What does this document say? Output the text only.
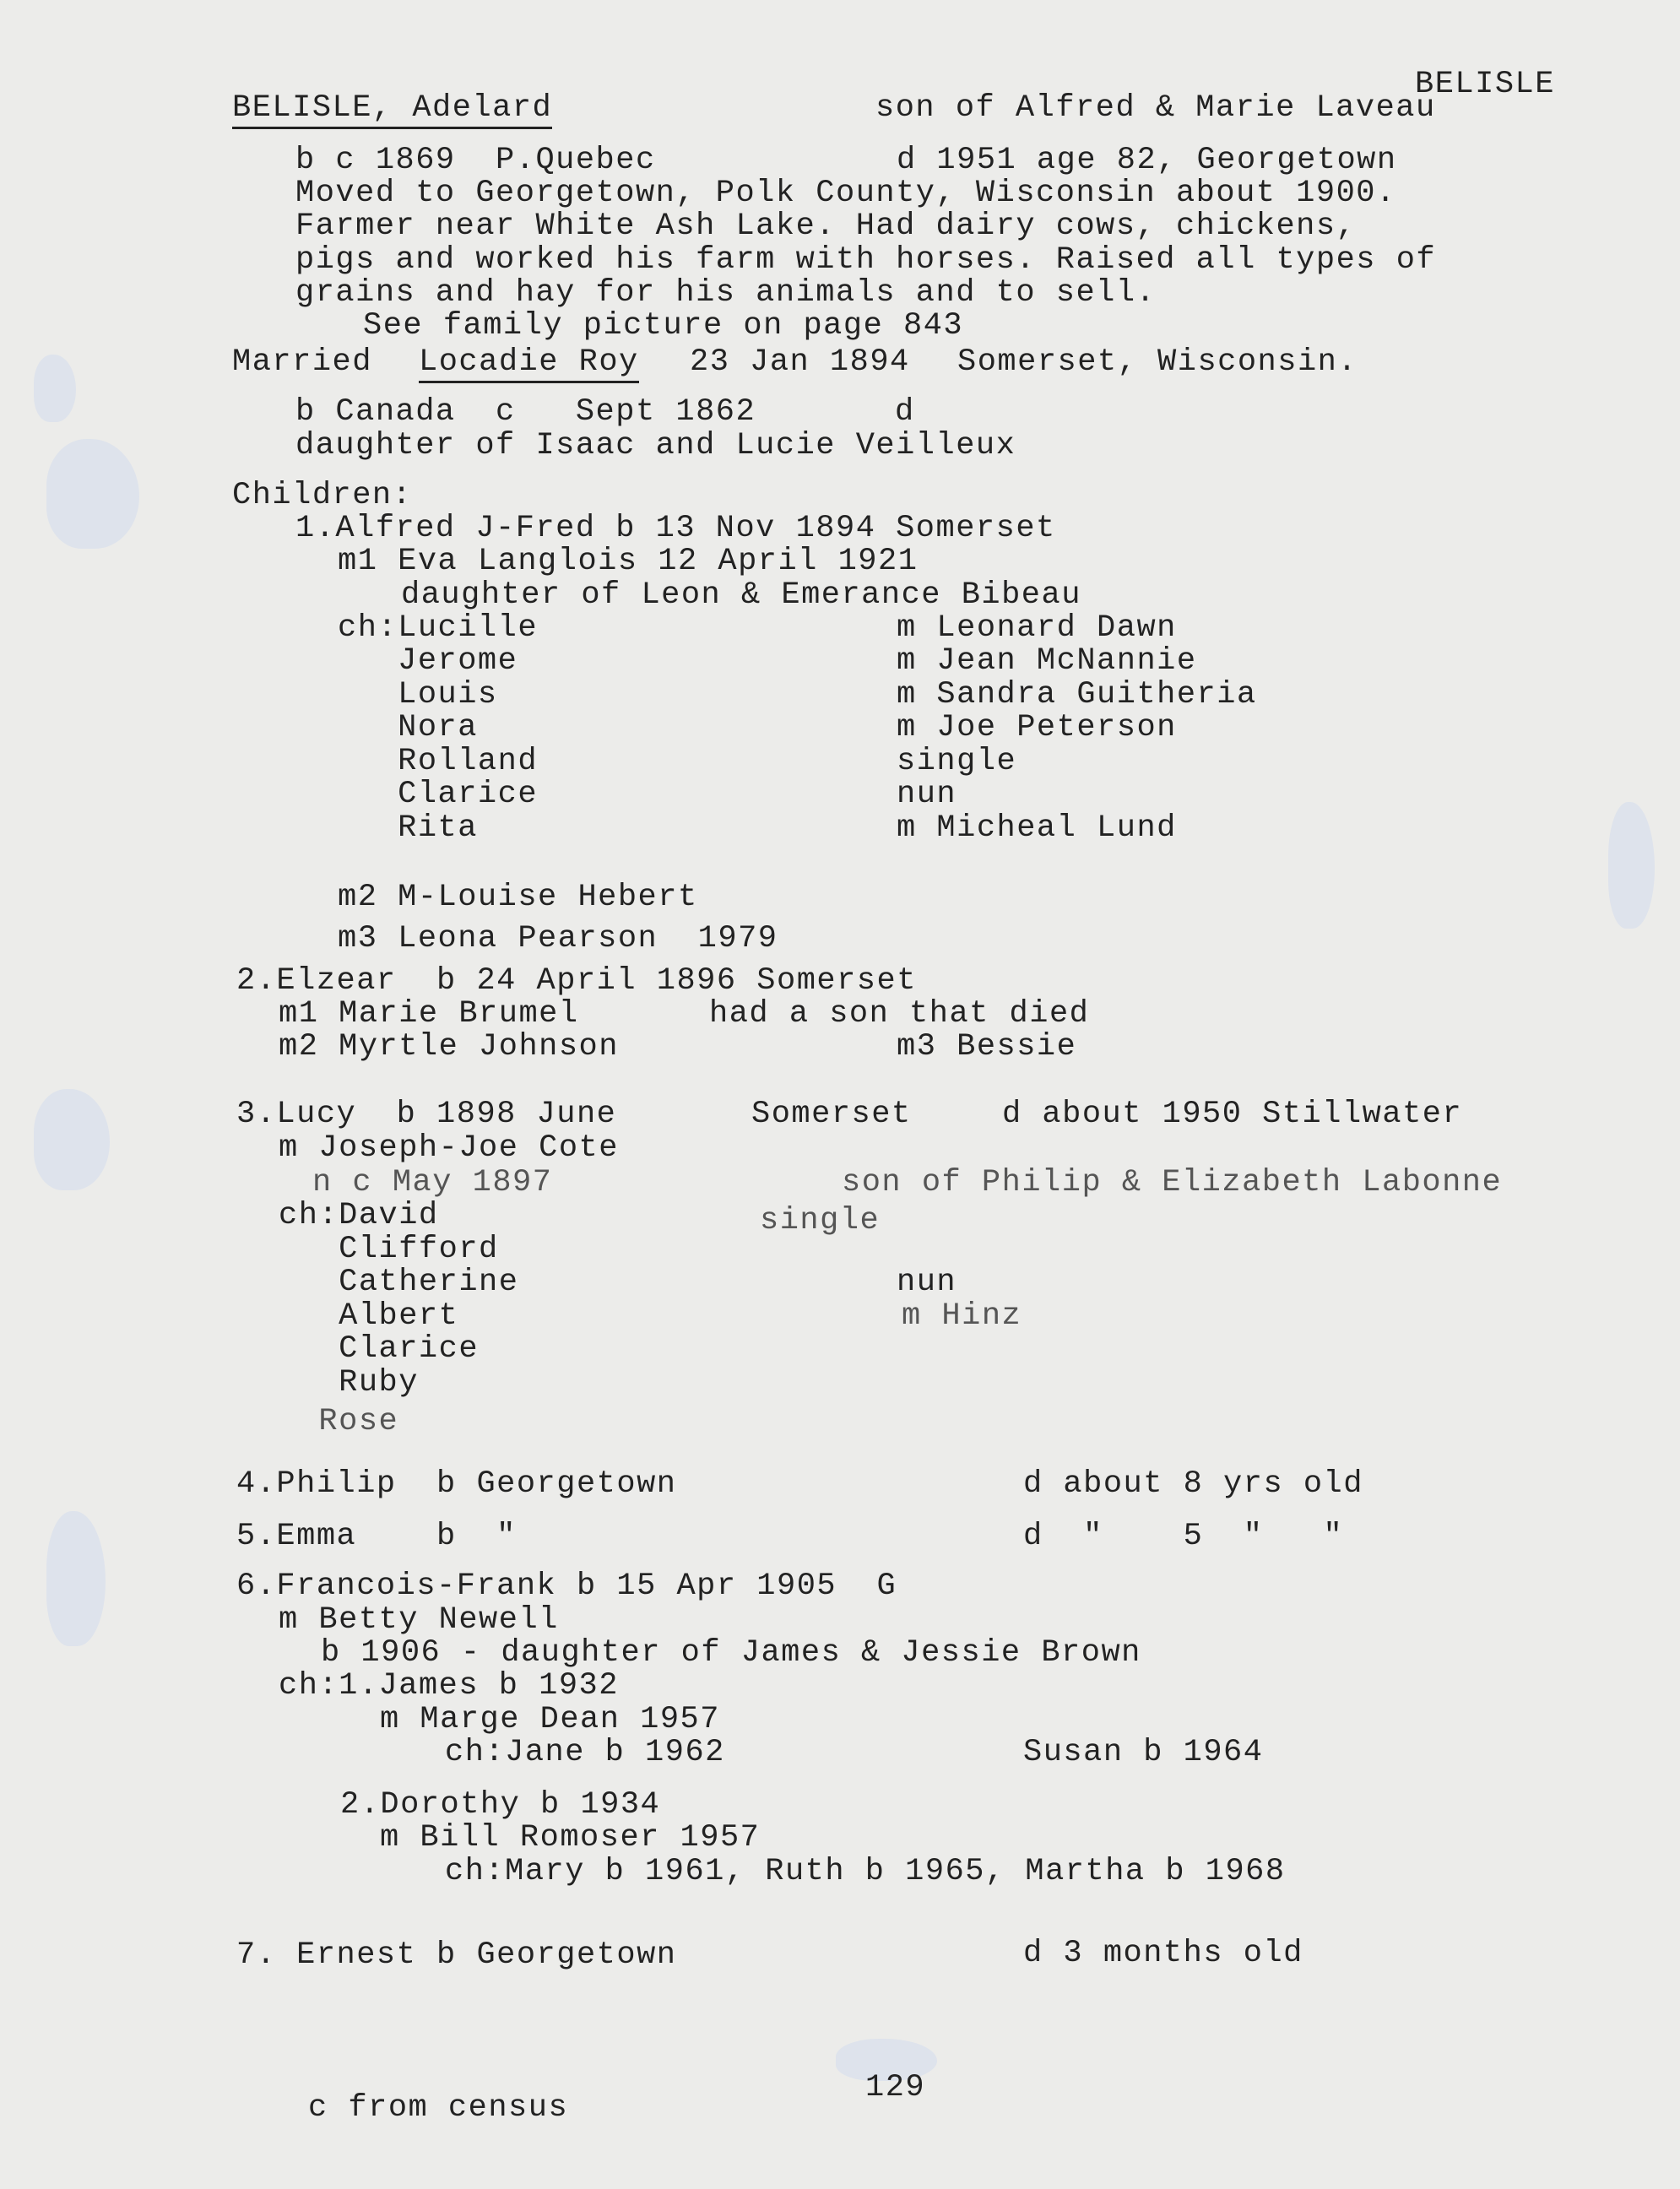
BELISLE
BELISLE, Adelard	son of Alfred & Marie Laveau
b c 1869  P.Quebec	d 1951 age 82, Georgetown
Moved to Georgetown, Polk County, Wisconsin about 1900.
Farmer near White Ash Lake. Had dairy cows, chickens,
pigs and worked his farm with horses. Raised all types of
grains and hay for his animals and to sell.
See family picture on page 843
Married Locadie Roy 23 Jan 1894 Somerset, Wisconsin.
b Canada  c   Sept 1862	d
daughter of Isaac and Lucie Veilleux
Children:
1.Alfred J-Fred b 13 Nov 1894 Somerset
m1 Eva Langlois 12 April 1921
daughter of Leon & Emerance Bibeau
ch:Lucille	m Leonard Dawn
Jerome	m Jean McNannie
Louis	m Sandra Guitheria
Nora	m Joe Peterson
Rolland	single
Clarice	nun
Rita	m Micheal Lund
m2 M-Louise Hebert
m3 Leona Pearson  1979
2.Elzear  b 24 April 1896 Somerset
m1 Marie Brumel	had a son that died
m2 Myrtle Johnson	m3 Bessie
3.Lucy  b 1898 June	Somerset	d about 1950 Stillwater
m Joseph-Joe Cote
n c May 1897	son of Philip & Elizabeth Labonne
ch:David	single
Clifford
Catherine	nun
Albert	m Hinz
Clarice
Ruby
Rose
4.Philip  b Georgetown	d about 8 yrs old
5.Emma    b  "	d  "    5  "   "
6.Francois-Frank b 15 Apr 1905  G
m Betty Newell
b 1906 - daughter of James & Jessie Brown
ch:1.James b 1932
m Marge Dean 1957
ch:Jane b 1962	Susan b 1964
2.Dorothy b 1934
m Bill Romoser 1957
ch:Mary b 1961, Ruth b 1965, Martha b 1968
7. Ernest b Georgetown	d 3 months old
129
c from census
